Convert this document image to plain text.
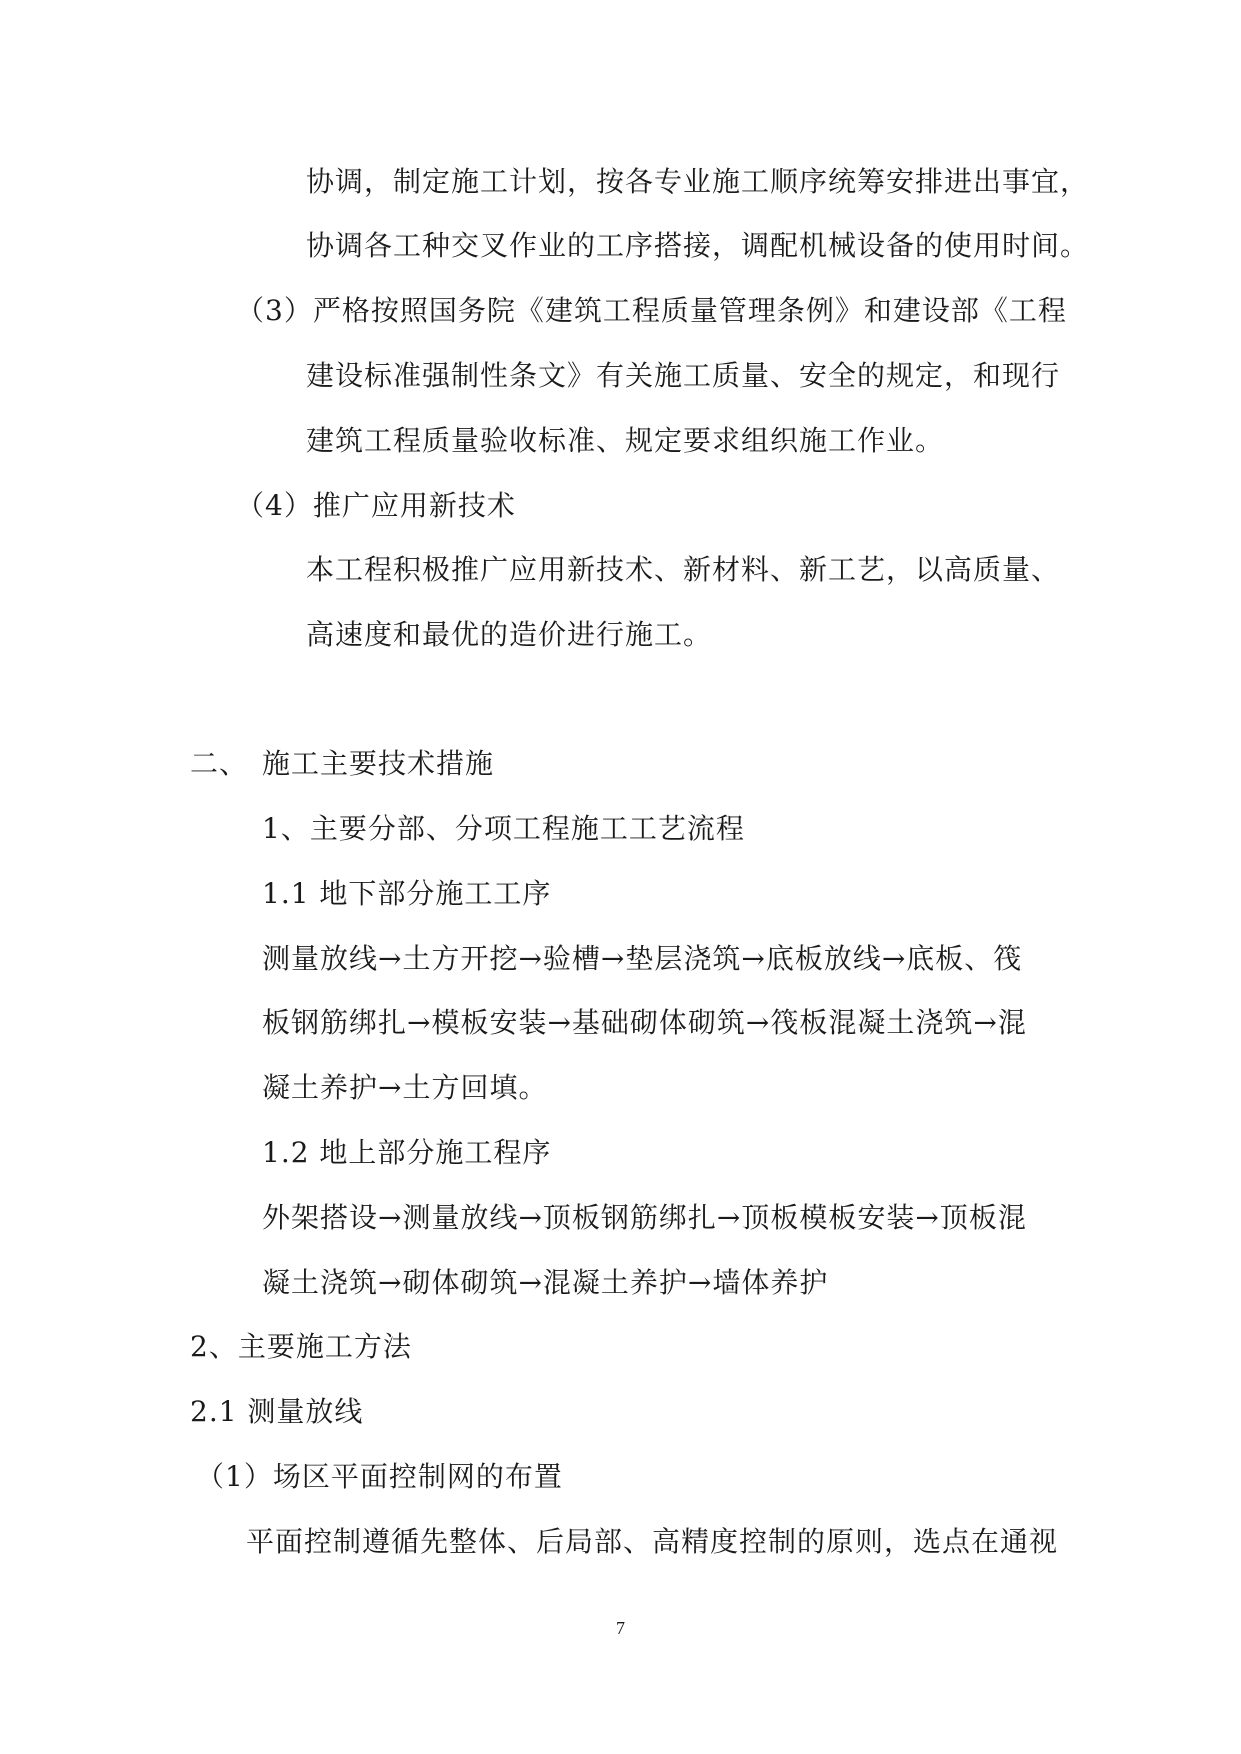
协调，制定施工计划，按各专业施工顺序统筹安排进出事宜，
协调各工种交叉作业的工序搭接，调配机械设备的使用时间。
（3）严格按照国务院《建筑工程质量管理条例》和建设部《工程
建设标准强制性条文》有关施工质量、安全的规定，和现行
建筑工程质量验收标准、规定要求组织施工作业。
（4）推广应用新技术
本工程积极推广应用新技术、新材料、新工艺，以高质量、
高速度和最优的造价进行施工。
二、 施工主要技术措施
1、主要分部、分项工程施工工艺流程
1.1 地下部分施工工序
测量放线→土方开挖→验槽→垫层浇筑→底板放线→底板、筏
板钢筋绑扎→模板安装→基础砌体砌筑→筏板混凝土浇筑→混
凝土养护→土方回填。
1.2 地上部分施工程序
外架搭设→测量放线→顶板钢筋绑扎→顶板模板安装→顶板混
凝土浇筑→砌体砌筑→混凝土养护→墙体养护
2、主要施工方法
2.1 测量放线
（1）场区平面控制网的布置
平面控制遵循先整体、后局部、高精度控制的原则，选点在通视
7
